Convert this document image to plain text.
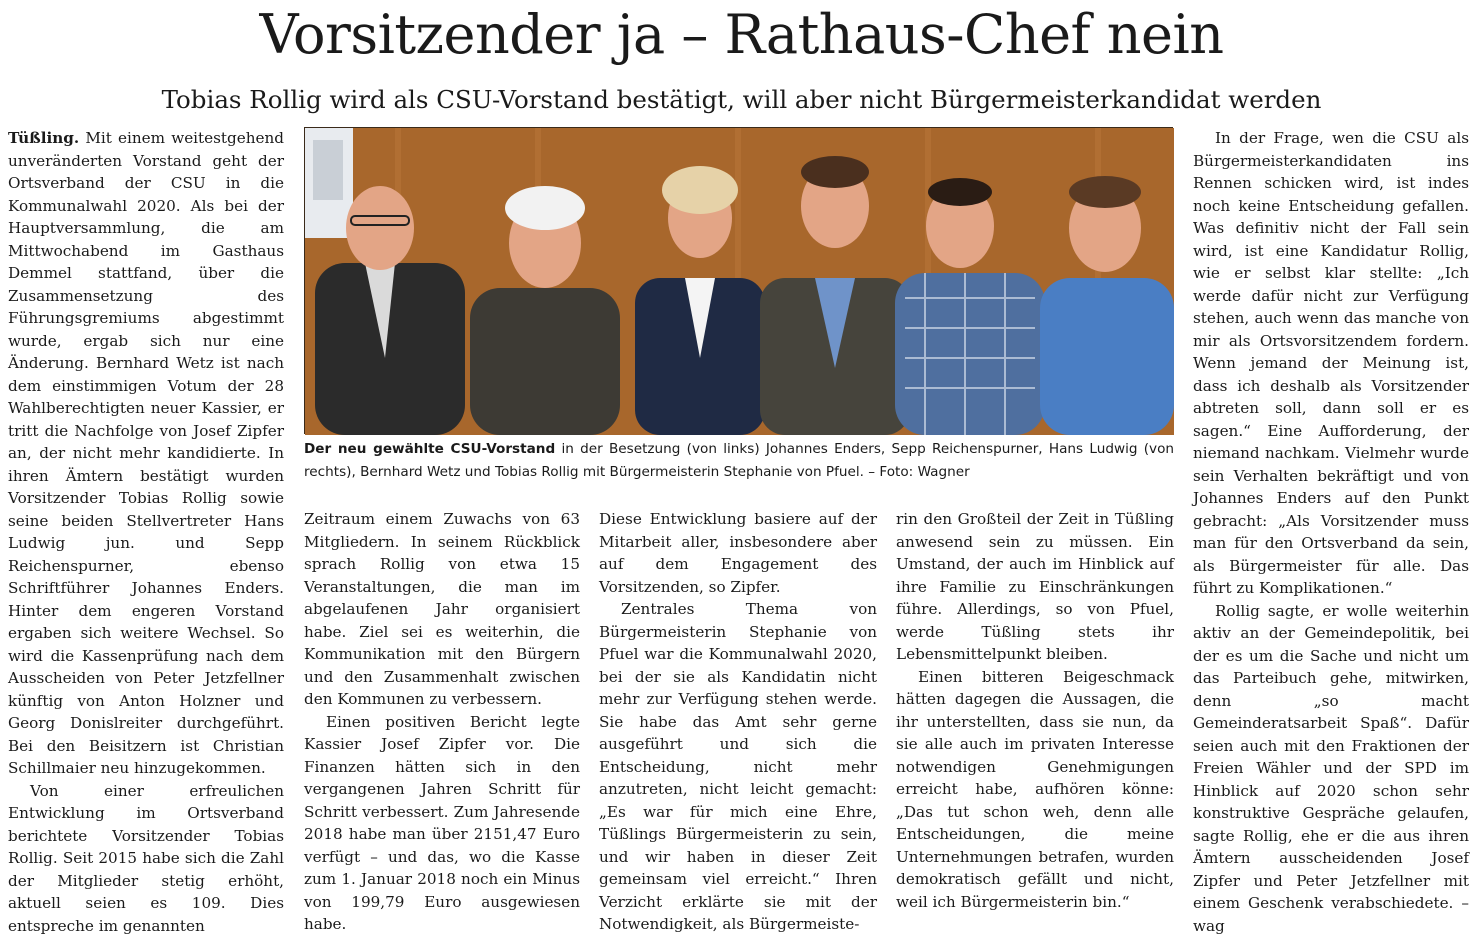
Vorsitzender ja – Rathaus-Chef nein
Tobias Rollig wird als CSU-Vorstand bestätigt, will aber nicht Bürgermeisterkandidat werden

Tüßling. Mit einem weitestgehend unveränderten Vorstand geht der Ortsverband der CSU in die Kommunalwahl 2020. Als bei der Hauptversammlung, die am Mittwochabend im Gasthaus Demmel stattfand, über die Zusammensetzung des Führungsgremiums abgestimmt wurde, ergab sich nur eine Änderung. Bernhard Wetz ist nach dem einstimmigen Votum der 28 Wahlberechtigten neuer Kassier, er tritt die Nachfolge von Josef Zipfer an, der nicht mehr kandidierte. In ihren Ämtern bestätigt wurden Vorsitzender Tobias Rollig sowie seine beiden Stellvertreter Hans Ludwig jun. und Sepp Reichenspurner, ebenso Schriftführer Johannes Enders. Hinter dem engeren Vorstand ergaben sich weitere Wechsel. So wird die Kassenprüfung nach dem Ausscheiden von Peter Jetzfellner künftig von Anton Holzner und Georg Donislreiter durchgeführt. Bei den Beisitzern ist Christian Schillmaier neu hinzugekommen.

Von einer erfreulichen Entwicklung im Ortsverband berichtete Vorsitzender Tobias Rollig. Seit 2015 habe sich die Zahl der Mitglieder stetig erhöht, aktuell seien es 109. Dies entspreche im genannten

Der neu gewählte CSU-Vorstand in der Besetzung (von links) Johannes Enders, Sepp Reichenspurner, Hans Ludwig (von rechts), Bernhard Wetz und Tobias Rollig mit Bürgermeisterin Stephanie von Pfuel. – Foto: Wagner

Zeitraum einem Zuwachs von 63 Mitgliedern. In seinem Rückblick sprach Rollig von etwa 15 Veranstaltungen, die man im abgelaufenen Jahr organisiert habe. Ziel sei es weiterhin, die Kommunikation mit den Bürgern und den Zusammenhalt zwischen den Kommunen zu verbessern.

Einen positiven Bericht legte Kassier Josef Zipfer vor. Die Finanzen hätten sich in den vergangenen Jahren Schritt für Schritt verbessert. Zum Jahresende 2018 habe man über 2151,47 Euro verfügt – und das, wo die Kasse zum 1. Januar 2018 noch ein Minus von 199,79 Euro ausgewiesen habe.

Diese Entwicklung basiere auf der Mitarbeit aller, insbesondere aber auf dem Engagement des Vorsitzenden, so Zipfer.

Zentrales Thema von Bürgermeisterin Stephanie von Pfuel war die Kommunalwahl 2020, bei der sie als Kandidatin nicht mehr zur Verfügung stehen werde. Sie habe das Amt sehr gerne ausgeführt und sich die Entscheidung, nicht mehr anzutreten, nicht leicht gemacht: „Es war für mich eine Ehre, Tüßlings Bürgermeisterin zu sein, und wir haben in dieser Zeit gemeinsam viel erreicht.“ Ihren Verzicht erklärte sie mit der Notwendigkeit, als Bürgermeiste-

rin den Großteil der Zeit in Tüßling anwesend sein zu müssen. Ein Umstand, der auch im Hinblick auf ihre Familie zu Einschränkungen führe. Allerdings, so von Pfuel, werde Tüßling stets ihr Lebensmittelpunkt bleiben.

Einen bitteren Beigeschmack hätten dagegen die Aussagen, die ihr unterstellten, dass sie nun, da sie alle auch im privaten Interesse notwendigen Genehmigungen erreicht habe, aufhören könne: „Das tut schon weh, denn alle Entscheidungen, die meine Unternehmungen betrafen, wurden demokratisch gefällt und nicht, weil ich Bürgermeisterin bin.“

In der Frage, wen die CSU als Bürgermeisterkandidaten ins Rennen schicken wird, ist indes noch keine Entscheidung gefallen. Was definitiv nicht der Fall sein wird, ist eine Kandidatur Rollig, wie er selbst klar stellte: „Ich werde dafür nicht zur Verfügung stehen, auch wenn das manche von mir als Ortsvorsitzendem fordern. Wenn jemand der Meinung ist, dass ich deshalb als Vorsitzender abtreten soll, dann soll er es sagen.“ Eine Aufforderung, der niemand nachkam. Vielmehr wurde sein Verhalten bekräftigt und von Johannes Enders auf den Punkt gebracht: „Als Vorsitzender muss man für den Ortsverband da sein, als Bürgermeister für alle. Das führt zu Komplikationen.“

Rollig sagte, er wolle weiterhin aktiv an der Gemeindepolitik, bei der es um die Sache und nicht um das Parteibuch gehe, mitwirken, denn „so macht Gemeinderatsarbeit Spaß“. Dafür seien auch mit den Fraktionen der Freien Wähler und der SPD im Hinblick auf 2020 schon sehr konstruktive Gespräche gelaufen, sagte Rollig, ehe er die aus ihren Ämtern ausscheidenden Josef Zipfer und Peter Jetzfellner mit einem Geschenk verabschiedete. – wag
